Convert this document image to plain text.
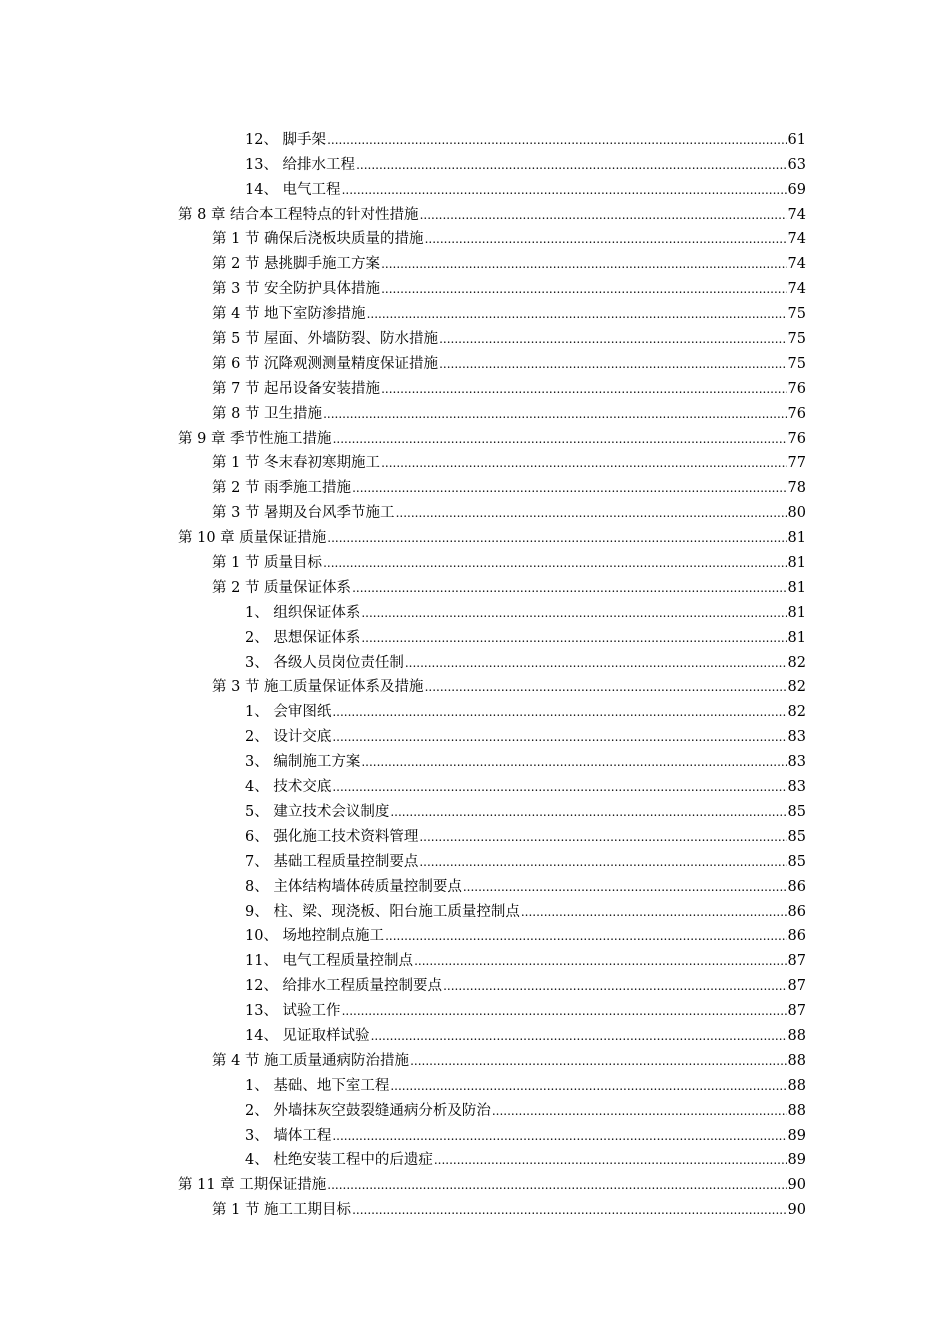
12、 脚手架 .....	61
13、 给排水工程 .....	63
14、 电气工程 .....	69
第 8 章 结合本工程特点的针对性措施 .....	74
第 1 节 确保后浇板块质量的措施 .....	74
第 2 节 悬挑脚手施工方案 .....	74
第 3 节 安全防护具体措施 .....	74
第 4 节 地下室防渗措施 .....	75
第 5 节 屋面、外墙防裂、防水措施 .....	75
第 6 节 沉降观测测量精度保证措施 .....	75
第 7 节 起吊设备安装措施 .....	76
第 8 节 卫生措施 .....	76
第 9 章 季节性施工措施 .....	76
第 1 节 冬末春初寒期施工 .....	77
第 2 节 雨季施工措施 .....	78
第 3 节 暑期及台风季节施工 .....	80
第 10 章 质量保证措施 .....	81
第 1 节 质量目标 .....	81
第 2 节 质量保证体系 .....	81
1、 组织保证体系 .....	81
2、 思想保证体系 .....	81
3、 各级人员岗位责任制 .....	82
第 3 节 施工质量保证体系及措施 .....	82
1、 会审图纸 .....	82
2、 设计交底 .....	83
3、 编制施工方案 .....	83
4、 技术交底 .....	83
5、 建立技术会议制度 .....	85
6、 强化施工技术资料管理 .....	85
7、 基础工程质量控制要点 .....	85
8、 主体结构墙体砖质量控制要点 .....	86
9、 柱、梁、现浇板、阳台施工质量控制点 .....	86
10、 场地控制点施工 .....	86
11、 电气工程质量控制点 .....	87
12、 给排水工程质量控制要点 .....	87
13、 试验工作 .....	87
14、 见证取样试验 .....	88
第 4 节 施工质量通病防治措施 .....	88
1、 基础、地下室工程 .....	88
2、 外墙抹灰空鼓裂缝通病分析及防治 .....	88
3、 墙体工程 .....	89
4、 杜绝安装工程中的后遗症 .....	89
第 11 章 工期保证措施 .....	90
第 1 节 施工工期目标 .....	90
